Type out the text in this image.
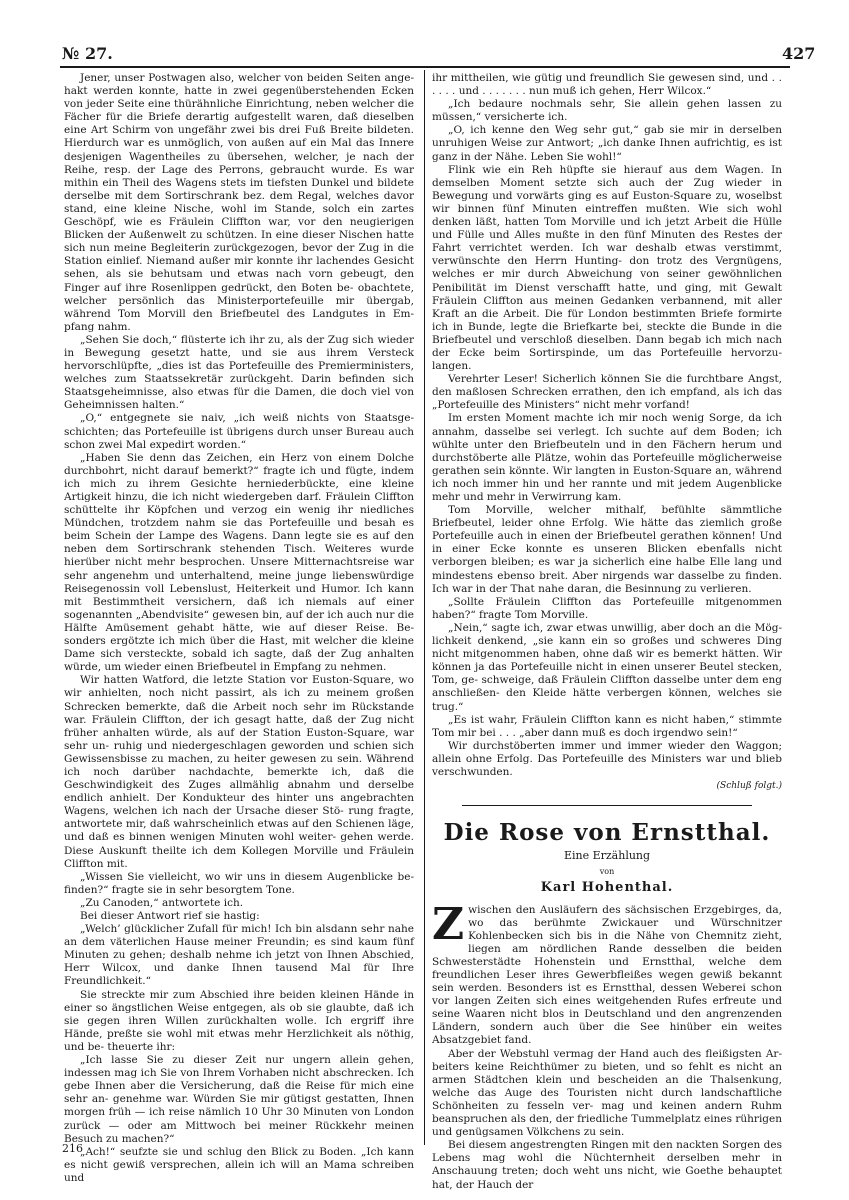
№ 27.	427

Jener, unser Postwagen also, welcher von beiden Seiten ange- hakt werden konnte, hatte in zwei gegenüberstehenden Ecken von jeder Seite eine thürähnliche Einrichtung, neben welcher die Fächer für die Briefe derartig aufgestellt waren, daß dieselben eine Art Schirm von ungefähr zwei bis drei Fuß Breite bildeten. Hierdurch war es unmöglich, von außen auf ein Mal das Innere desjenigen Wagentheiles zu übersehen, welcher, je nach der Reihe, resp. der Lage des Perrons, gebraucht wurde. Es war mithin ein Theil des Wagens stets im tiefsten Dunkel und bildete derselbe mit dem Sortirschrank bez. dem Regal, welches davor stand, eine kleine Nische, wohl im Stande, solch ein zartes Geschöpf, wie es Fräulein Cliffton war, vor den neugierigen Blicken der Außenwelt zu schützen. In eine dieser Nischen hatte sich nun meine Begleiterin zurückgezogen, bevor der Zug in die Station einlief. Niemand außer mir konnte ihr lachendes Gesicht sehen, als sie behutsam und etwas nach vorn gebeugt, den Finger auf ihre Rosenlippen gedrückt, den Boten be- obachtete, welcher persönlich das Ministerportefeuille mir übergab, während Tom Morvill den Briefbeutel des Landgutes in Em- pfang nahm.

„Sehen Sie doch,“ flüsterte ich ihr zu, als der Zug sich wieder in Bewegung gesetzt hatte, und sie aus ihrem Versteck hervorschlüpfte, „dies ist das Portefeuille des Premierministers, welches zum Staatssekretär zurückgeht. Darin befinden sich Staatsgeheimnisse, also etwas für die Damen, die doch viel von Geheimnissen halten.“

„O,“ entgegnete sie naiv, „ich weiß nichts von Staatsge- schichten; das Portefeuille ist übrigens durch unser Bureau auch schon zwei Mal expedirt worden.“

„Haben Sie denn das Zeichen, ein Herz von einem Dolche durchbohrt, nicht darauf bemerkt?“ fragte ich und fügte, indem ich mich zu ihrem Gesichte herniederbückte, eine kleine Artigkeit hinzu, die ich nicht wiedergeben darf. Fräulein Cliffton schüttelte ihr Köpfchen und verzog ein wenig ihr niedliches Mündchen, trotzdem nahm sie das Portefeuille und besah es beim Schein der Lampe des Wagens. Dann legte sie es auf den neben dem Sortirschrank stehenden Tisch. Weiteres wurde hierüber nicht mehr besprochen. Unsere Mitternachtsreise war sehr angenehm und unterhaltend, meine junge liebenswürdige Reisegenossin voll Lebenslust, Heiterkeit und Humor. Ich kann mit Bestimmtheit versichern, daß ich niemals auf einer sogenannten „Abendvisite“ gewesen bin, auf der ich auch nur die Hälfte Amüsement gehabt hätte, wie auf dieser Reise. Be- sonders ergötzte ich mich über die Hast, mit welcher die kleine Dame sich versteckte, sobald ich sagte, daß der Zug anhalten würde, um wieder einen Briefbeutel in Empfang zu nehmen.

Wir hatten Watford, die letzte Station vor Euston-Square, wo wir anhielten, noch nicht passirt, als ich zu meinem großen Schrecken bemerkte, daß die Arbeit noch sehr im Rückstande war. Fräulein Cliffton, der ich gesagt hatte, daß der Zug nicht früher anhalten würde, als auf der Station Euston-Square, war sehr un- ruhig und niedergeschlagen geworden und schien sich Gewissensbisse zu machen, zu heiter gewesen zu sein. Während ich noch darüber nachdachte, bemerkte ich, daß die Geschwindigkeit des Zuges allmählig abnahm und derselbe endlich anhielt. Der Kondukteur des hinter uns angebrachten Wagens, welchen ich nach der Ursache dieser Stö- rung fragte, antwortete mir, daß wahrscheinlich etwas auf den Schienen läge, und daß es binnen wenigen Minuten wohl weiter- gehen werde. Diese Auskunft theilte ich dem Kollegen Morville und Fräulein Cliffton mit.

„Wissen Sie vielleicht, wo wir uns in diesem Augenblicke be- finden?“ fragte sie in sehr besorgtem Tone.

„Zu Canoden,“ antwortete ich.

Bei dieser Antwort rief sie hastig:

„Welch’ glücklicher Zufall für mich! Ich bin alsdann sehr nahe an dem väterlichen Hause meiner Freundin; es sind kaum fünf Minuten zu gehen; deshalb nehme ich jetzt von Ihnen Abschied, Herr Wilcox, und danke Ihnen tausend Mal für Ihre Freundlichkeit.“

Sie streckte mir zum Abschied ihre beiden kleinen Hände in einer so ängstlichen Weise entgegen, als ob sie glaubte, daß ich sie gegen ihren Willen zurückhalten wolle. Ich ergriff ihre Hände, preßte sie wohl mit etwas mehr Herzlichkeit als nöthig, und be- theuerte ihr:

„Ich lasse Sie zu dieser Zeit nur ungern allein gehen, indessen mag ich Sie von Ihrem Vorhaben nicht abschrecken. Ich gebe Ihnen aber die Versicherung, daß die Reise für mich eine sehr an- genehme war. Würden Sie mir gütigst gestatten, Ihnen morgen früh — ich reise nämlich 10 Uhr 30 Minuten von London zurück — oder am Mittwoch bei meiner Rückkehr meinen Besuch zu machen?“

„Ach!“ seufzte sie und schlug den Blick zu Boden. „Ich kann es nicht gewiß versprechen, allein ich will an Mama schreiben und

ihr mittheilen, wie gütig und freundlich Sie gewesen sind, und . . . . . . und . . . . . . . nun muß ich gehen, Herr Wilcox.“

„Ich bedaure nochmals sehr, Sie allein gehen lassen zu müssen,“ versicherte ich.

„O, ich kenne den Weg sehr gut,“ gab sie mir in derselben unruhigen Weise zur Antwort; „ich danke Ihnen aufrichtig, es ist ganz in der Nähe. Leben Sie wohl!“

Flink wie ein Reh hüpfte sie hierauf aus dem Wagen. In demselben Moment setzte sich auch der Zug wieder in Bewegung und vorwärts ging es auf Euston-Square zu, woselbst wir binnen fünf Minuten eintreffen mußten. Wie sich wohl denken läßt, hatten Tom Morville und ich jetzt Arbeit die Hülle und Fülle und Alles mußte in den fünf Minuten des Restes der Fahrt verrichtet werden. Ich war deshalb etwas verstimmt, verwünschte den Herrn Hunting- don trotz des Vergnügens, welches er mir durch Abweichung von seiner gewöhnlichen Penibilität im Dienst verschafft hatte, und ging, mit Gewalt Fräulein Cliffton aus meinen Gedanken verbannend, mit aller Kraft an die Arbeit. Die für London bestimmten Briefe formirte ich in Bunde, legte die Briefkarte bei, steckte die Bunde in die Briefbeutel und verschloß dieselben. Dann begab ich mich nach der Ecke beim Sortirspinde, um das Portefeuille hervorzu- langen.

Verehrter Leser! Sicherlich können Sie die furchtbare Angst, den maßlosen Schrecken errathen, den ich empfand, als ich das „Portefeuille des Ministers“ nicht mehr vorfand!

Im ersten Moment machte ich mir noch wenig Sorge, da ich annahm, dasselbe sei verlegt. Ich suchte auf dem Boden; ich wühlte unter den Briefbeuteln und in den Fächern herum und durchstöberte alle Plätze, wohin das Portefeuille möglicherweise gerathen sein könnte. Wir langten in Euston-Square an, während ich noch immer hin und her rannte und mit jedem Augenblicke mehr und mehr in Verwirrung kam.

Tom Morville, welcher mithalf, befühlte sämmtliche Briefbeutel, leider ohne Erfolg. Wie hätte das ziemlich große Portefeuille auch in einen der Briefbeutel gerathen können! Und in einer Ecke konnte es unseren Blicken ebenfalls nicht verborgen bleiben; es war ja sicherlich eine halbe Elle lang und mindestens ebenso breit. Aber nirgends war dasselbe zu finden. Ich war in der That nahe daran, die Besinnung zu verlieren.

„Sollte Fräulein Cliffton das Portefeuille mitgenommen haben?“ fragte Tom Morville.

„Nein,“ sagte ich, zwar etwas unwillig, aber doch an die Mög- lichkeit denkend, „sie kann ein so großes und schweres Ding nicht mitgenommen haben, ohne daß wir es bemerkt hätten. Wir können ja das Portefeuille nicht in einen unserer Beutel stecken, Tom, ge- schweige, daß Fräulein Cliffton dasselbe unter dem eng anschließen- den Kleide hätte verbergen können, welches sie trug.“

„Es ist wahr, Fräulein Cliffton kann es nicht haben,“ stimmte Tom mir bei . . . „aber dann muß es doch irgendwo sein!“

Wir durchstöberten immer und immer wieder den Waggon; allein ohne Erfolg. Das Portefeuille des Ministers war und blieb verschwunden.

(Schluß folgt.)
Die Rose von Ernstthal.
Eine Erzählung
von
Karl Hohenthal.

Zwischen den Ausläufern des sächsischen Erzgebirges, da, wo das berühmte Zwickauer und Würschnitzer Kohlenbecken sich bis in die Nähe von Chemnitz zieht, liegen am nördlichen Rande desselben die beiden Schwesterstädte Hohenstein und Ernstthal, welche dem freundlichen Leser ihres Gewerbfleißes wegen gewiß bekannt sein werden. Besonders ist es Ernstthal, dessen Weberei schon vor langen Zeiten sich eines weitgehenden Rufes erfreute und seine Waaren nicht blos in Deutschland und den angrenzenden Ländern, sondern auch über die See hinüber ein weites Absatzgebiet fand.

Aber der Webstuhl vermag der Hand auch des fleißigsten Ar- beiters keine Reichthümer zu bieten, und so fehlt es nicht an armen Städtchen klein und bescheiden an die Thalsenkung, welche das Auge des Touristen nicht durch landschaftliche Schönheiten zu fesseln ver- mag und keinen andern Ruhm beanspruchen als den, der friedliche Tummelplatz eines rührigen und genügsamen Völkchens zu sein.

Bei diesem angestrengten Ringen mit den nackten Sorgen des Lebens mag wohl die Nüchternheit derselben mehr in Anschauung treten; doch weht uns nicht, wie Goethe behauptet hat, der Hauch der

216
